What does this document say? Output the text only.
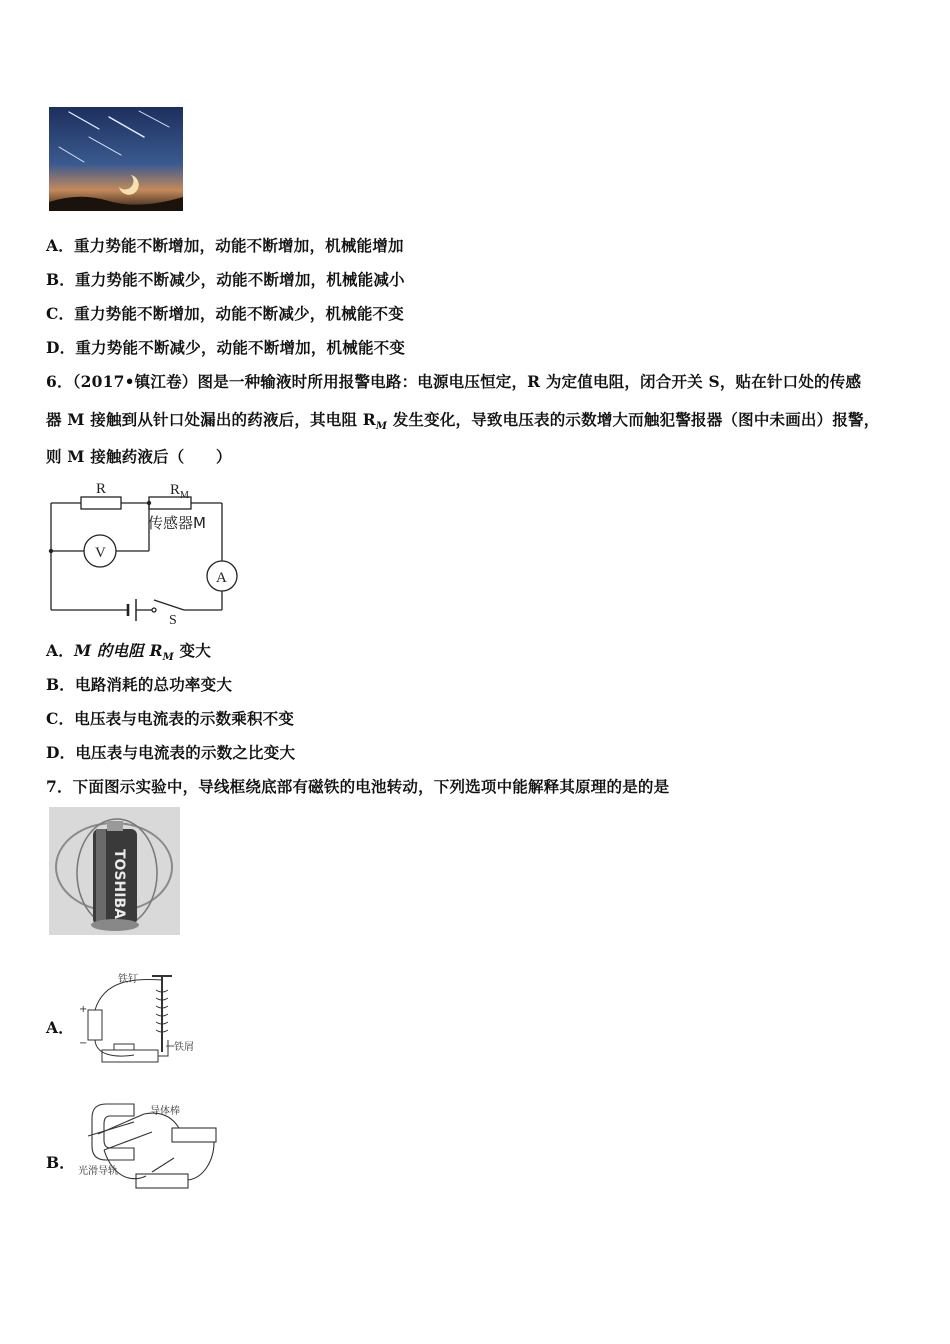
A．重力势能不断增加，动能不断增加，机械能增加
B．重力势能不断减少，动能不断增加，机械能减小
C．重力势能不断增加，动能不断减少，机械能不变
D．重力势能不断减少，动能不断增加，机械能不变
6．（2017•镇江卷）图是一种输液时所用报警电路：电源电压恒定，R 为定值电阻，闭合开关 S，贴在针口处的传感
器 M 接触到从针口处漏出的药液后，其电阻 $R_M$ 发生变化，导致电压表的示数增大而触犯警报器（图中未画出）报警，
则 M 接触药液后（　　）
R	R M
V
A
S
传感器M
A．M 的电阻 $R_M$ 变大
B．电路消耗的总功率变大
C．电压表与电流表的示数乘积不变
D．电压表与电流表的示数之比变大
7．下面图示实验中，导线框绕底部有磁铁的电池转动，下列选项中能解释其原理的是的是
TOSHIBA
A．
铁钉
铁屑
+
−
B．
导体棒
光滑导轨
